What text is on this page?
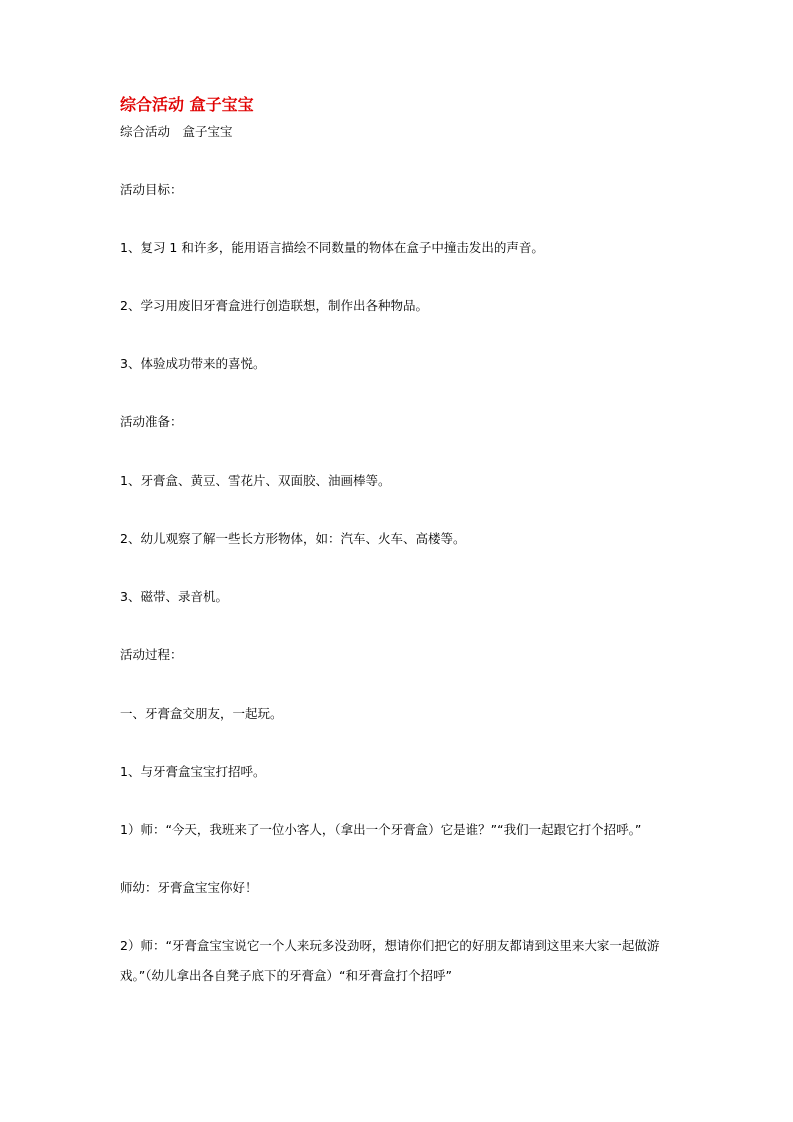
综合活动 盒子宝宝
综合活动　盒子宝宝
活动目标：
1、复习 1 和许多，能用语言描绘不同数量的物体在盒子中撞击发出的声音。
2、学习用废旧牙膏盒进行创造联想，制作出各种物品。
3、体验成功带来的喜悦。
活动准备：
1、牙膏盒、黄豆、雪花片、双面胶、油画棒等。
2、幼儿观察了解一些长方形物体，如：汽车、火车、高楼等。
3、磁带、录音机。
活动过程：
一、牙膏盒交朋友，一起玩。
1、与牙膏盒宝宝打招呼。
1）师：“今天，我班来了一位小客人，（拿出一个牙膏盒）它是谁？”“我们一起跟它打个招呼。”
师幼：牙膏盒宝宝你好！
2）师：“牙膏盒宝宝说它一个人来玩多没劲呀，想请你们把它的好朋友都请到这里来大家一起做游戏。”（幼儿拿出各自凳子底下的牙膏盒）“和牙膏盒打个招呼”
